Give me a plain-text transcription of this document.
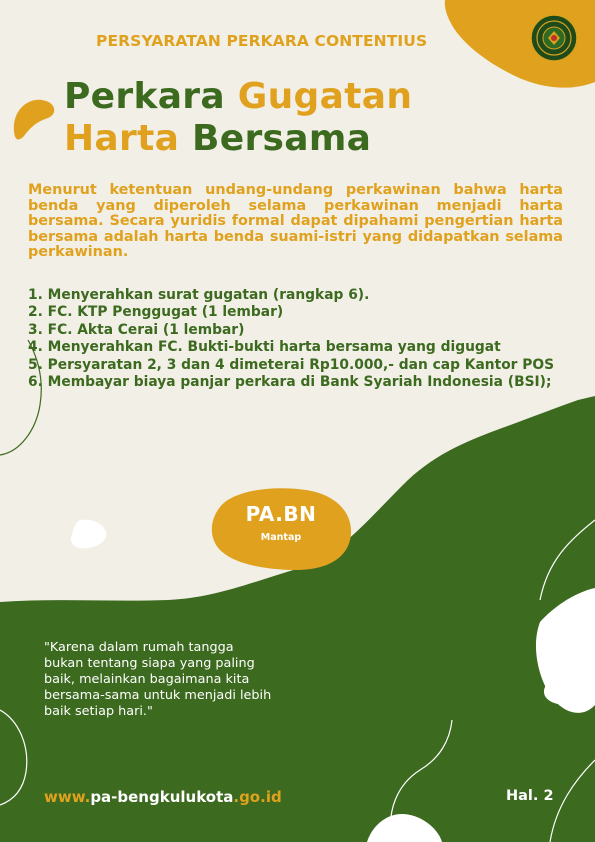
PERSYARATAN PERKARA CONTENTIUS
Perkara Gugatan
Harta Bersama
Menurut ketentuan undang-undang perkawinan bahwa harta benda yang diperoleh selama perkawinan menjadi harta bersama. Secara yuridis formal dapat dipahami pengertian harta bersama adalah harta benda suami-istri yang didapatkan selama perkawinan.
1. Menyerahkan surat gugatan (rangkap 6).
2. FC. KTP Penggugat (1 lembar)
3. FC. Akta Cerai (1 lembar)
4. Menyerahkan FC. Bukti-bukti harta bersama yang digugat
5. Persyaratan 2, 3 dan 4 dimeterai Rp10.000,- dan cap Kantor POS
6. Membayar biaya panjar perkara di Bank Syariah Indonesia (BSI);
PA.BN
Mantap
"Karena dalam rumah tangga
bukan tentang siapa yang paling
baik, melainkan bagaimana kita
bersama-sama untuk menjadi lebih
baik setiap hari."
www.pa-bengkulukota.go.id	Hal. 2
